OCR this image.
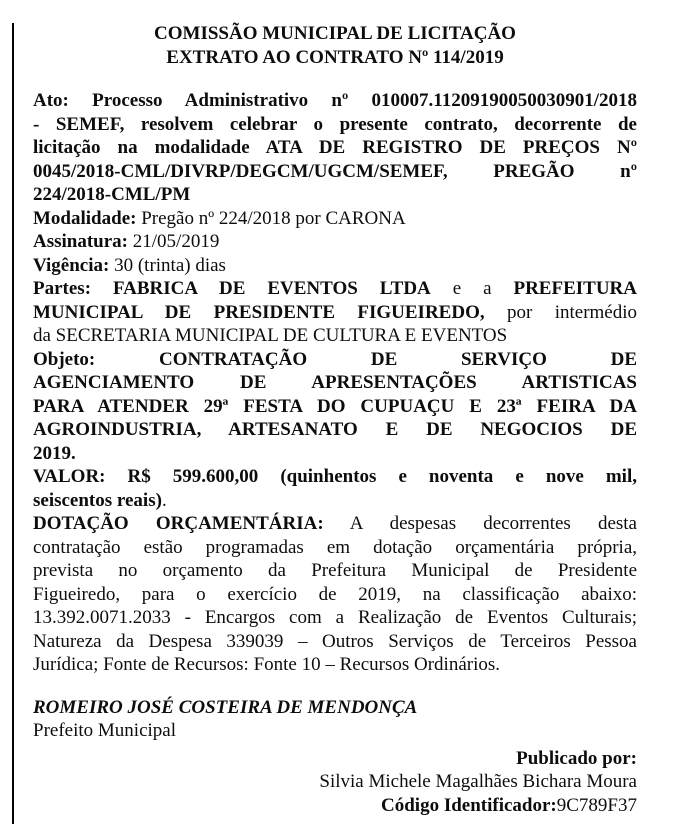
COMISSÃO MUNICIPAL DE LICITAÇÃO
EXTRATO AO CONTRATO Nº 114/2019
Ato: Processo Administrativo nº 010007.11209190050030901/2018
- SEMEF, resolvem celebrar o presente contrato, decorrente de
licitação na modalidade ATA DE REGISTRO DE PREÇOS Nº
0045/2018-CML/DIVRP/DEGCM/UGCM/SEMEF, PREGÃO nº
224/2018-CML/PM
Modalidade: Pregão nº 224/2018 por CARONA
Assinatura: 21/05/2019
Vigência: 30 (trinta) dias
Partes: FABRICA DE EVENTOS LTDA e a PREFEITURA
MUNICIPAL DE PRESIDENTE FIGUEIREDO, por intermédio
da SECRETARIA MUNICIPAL DE CULTURA E EVENTOS
Objeto: CONTRATAÇÃO DE SERVIÇO DE
AGENCIAMENTO DE APRESENTAÇÕES ARTISTICAS
PARA ATENDER 29ª FESTA DO CUPUAÇU E 23ª FEIRA DA
AGROINDUSTRIA, ARTESANATO E DE NEGOCIOS DE
2019.
VALOR: R$ 599.600,00 (quinhentos e noventa e nove mil,
seiscentos reais).
DOTAÇÃO ORÇAMENTÁRIA: A despesas decorrentes desta
contratação estão programadas em dotação orçamentária própria,
prevista no orçamento da Prefeitura Municipal de Presidente
Figueiredo, para o exercício de 2019, na classificação abaixo:
13.392.0071.2033 - Encargos com a Realização de Eventos Culturais;
Natureza da Despesa 339039 – Outros Serviços de Terceiros Pessoa
Jurídica; Fonte de Recursos: Fonte 10 – Recursos Ordinários.
ROMEIRO JOSÉ COSTEIRA DE MENDONÇA
Prefeito Municipal
Publicado por:
Silvia Michele Magalhães Bichara Moura
Código Identificador:9C789F37
